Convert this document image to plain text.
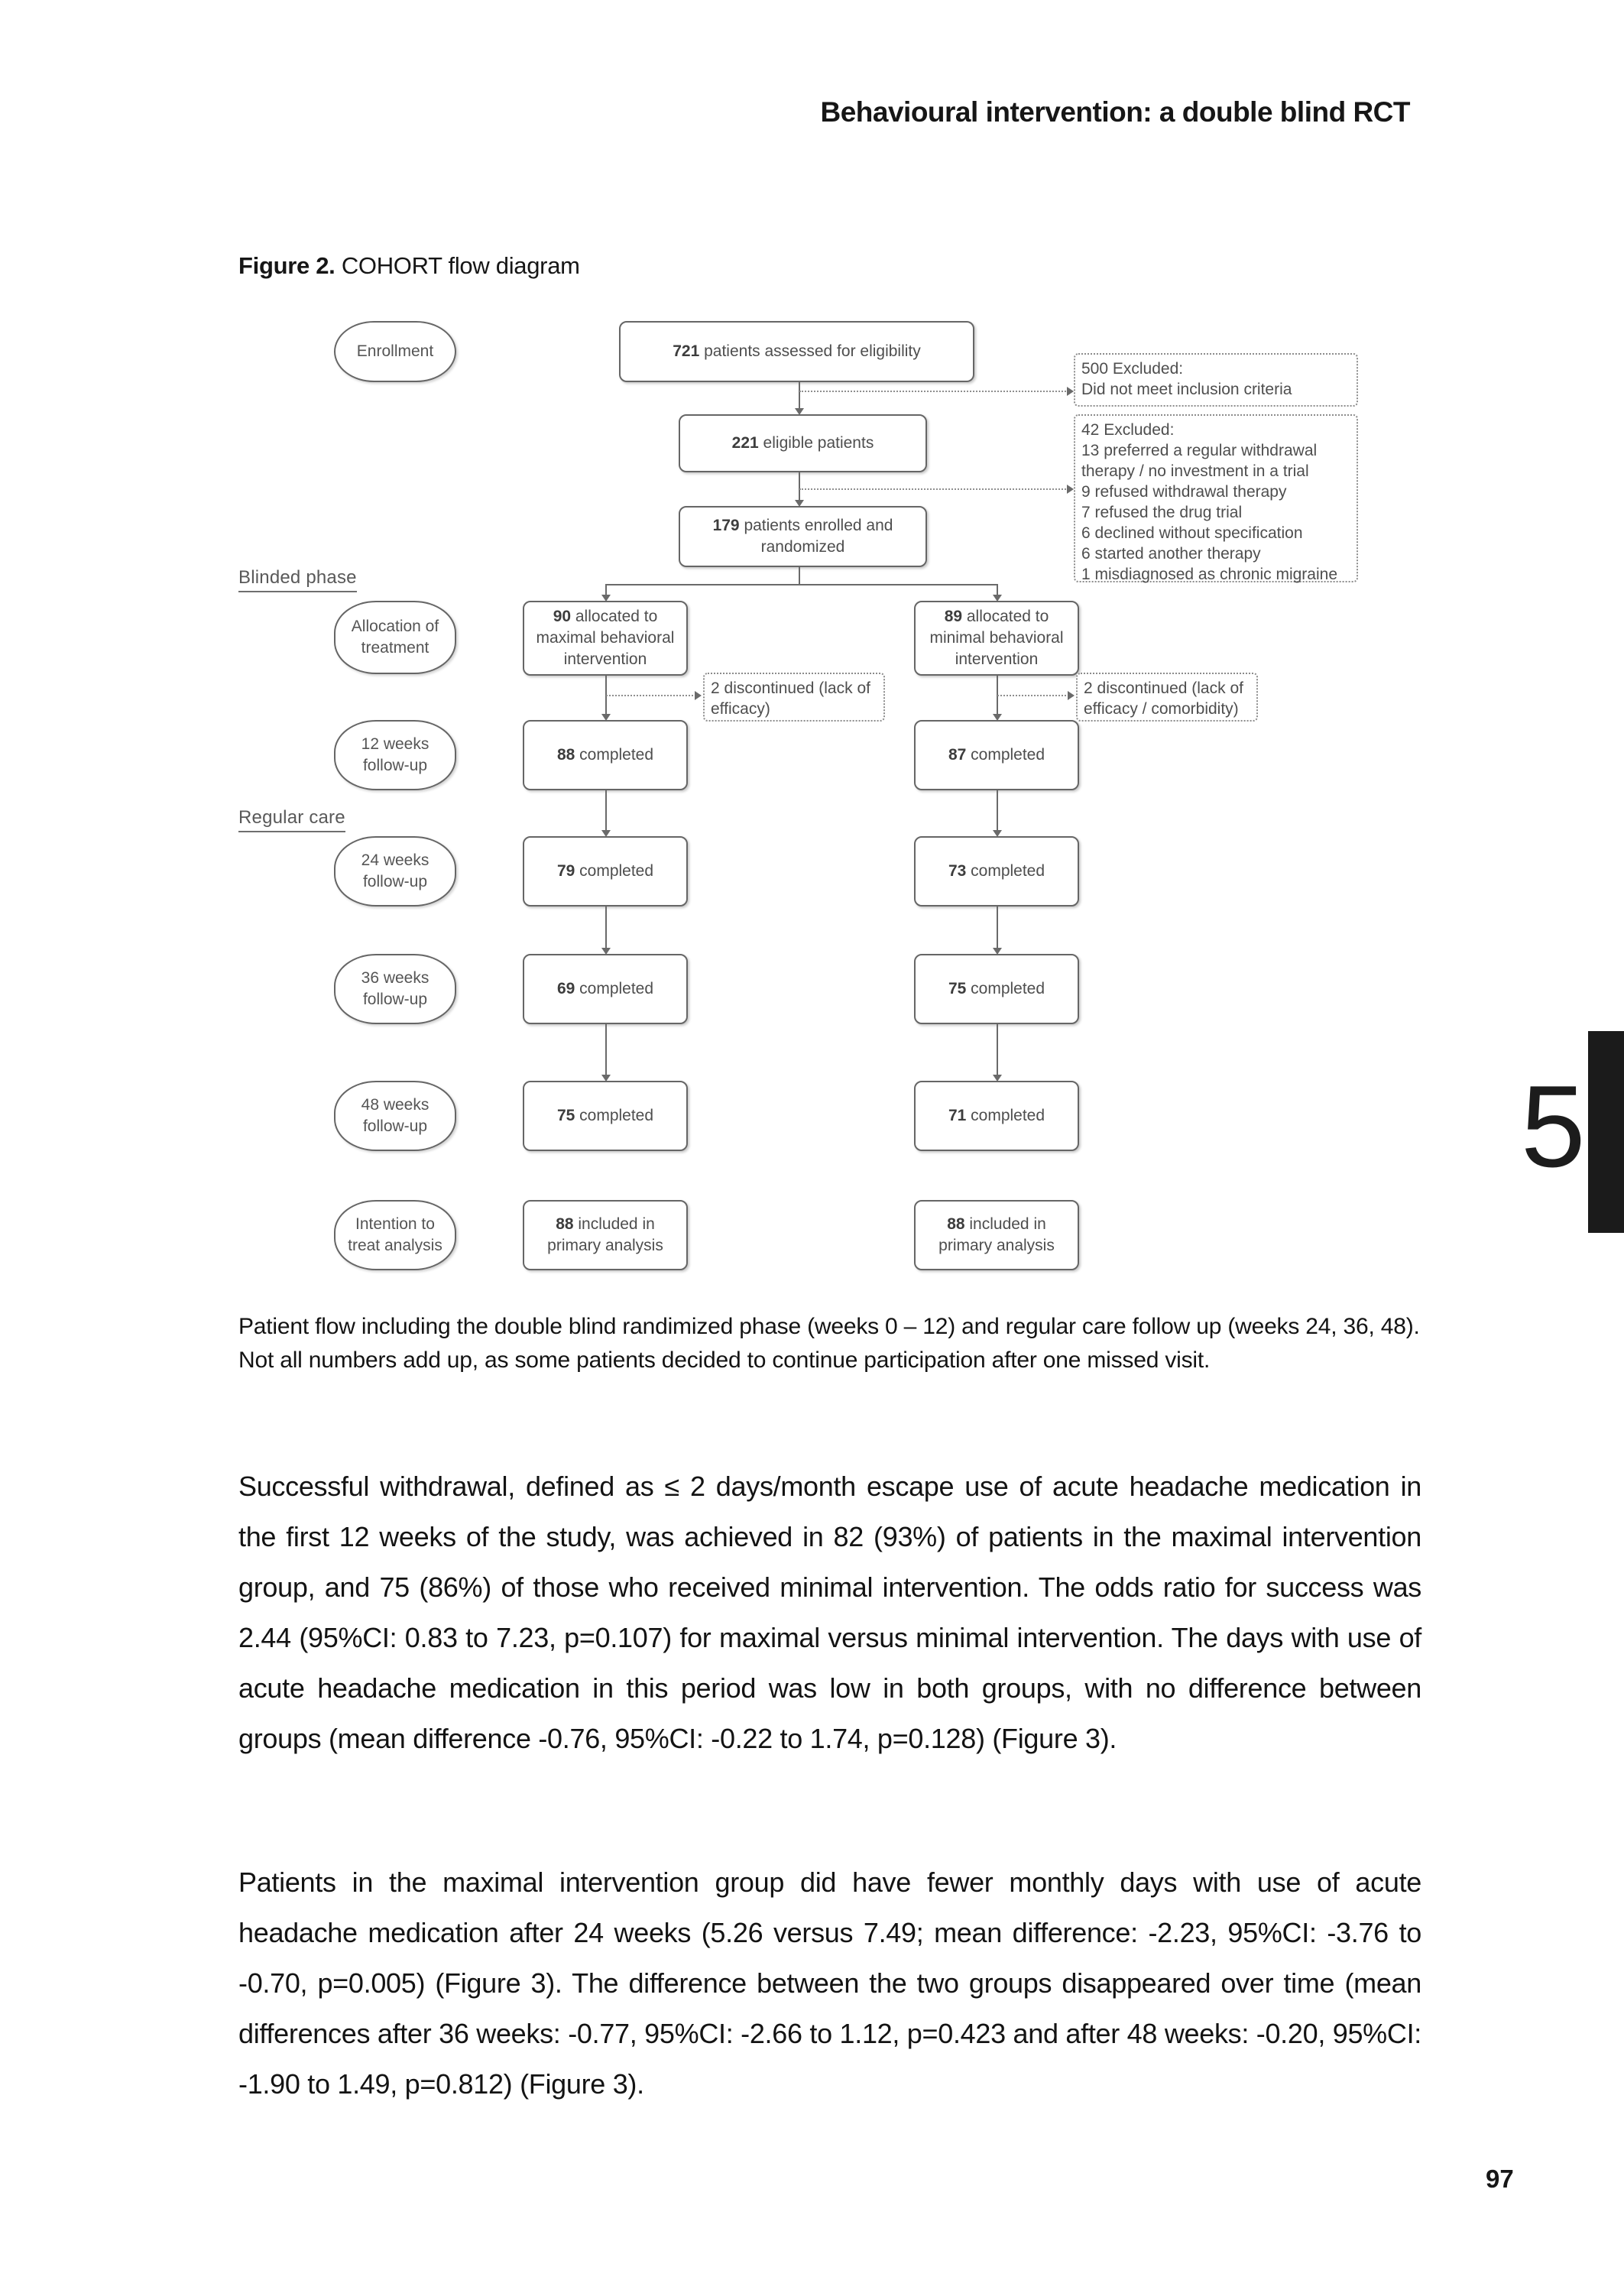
Behavioural intervention: a double blind RCT
Figure 2. COHORT flow diagram
Blinded phase
Regular care
Enrollment
Allocation of treatment
12 weeks follow-up
24 weeks follow-up
36 weeks follow-up
48 weeks follow-up
Intention to treat analysis
721 patients assessed for eligibility
221 eligible patients
179 patients enrolled and randomized
90 allocated to maximal behavioral intervention
89 allocated to minimal behavioral intervention
88 completed	87 completed
79 completed	73 completed
69 completed	75 completed
75 completed	71 completed
88 included in primary analysis
88 included in primary analysis
500 Excluded:
Did not meet inclusion criteria
42 Excluded:
13 preferred a regular withdrawal therapy / no investment in a trial
9 refused withdrawal therapy
7 refused the drug trial
6 declined without specification
6 started another therapy
1 misdiagnosed as chronic migraine
2 discontinued (lack of efficacy)
2 discontinued (lack of efficacy / comorbidity)
Patient flow including the double blind randimized phase (weeks 0 – 12) and regular care follow up (weeks 24, 36, 48). Not all numbers add up, as some patients decided to continue participation after one missed visit.
Successful withdrawal, defined as ≤ 2 days/month escape use of acute headache medication in the first 12 weeks of the study, was achieved in 82 (93%) of patients in the maximal intervention group, and 75 (86%) of those who received minimal intervention. The odds ratio for success was 2.44 (95%CI: 0.83 to 7.23, p=0.107) for maximal versus minimal intervention. The days with use of acute headache medication in this period was low in both groups, with no difference between groups (mean difference -0.76, 95%CI: -0.22 to 1.74, p=0.128) (Figure 3).
Patients in the maximal intervention group did have fewer monthly days with use of acute headache medication after 24 weeks (5.26 versus 7.49; mean difference: -2.23, 95%CI: -3.76 to -0.70, p=0.005) (Figure 3). The difference between the two groups disappeared over time (mean differences after 36 weeks: -0.77, 95%CI: -2.66 to 1.12, p=0.423 and after 48 weeks: -0.20, 95%CI: -1.90 to 1.49, p=0.812) (Figure 3).
5
97
